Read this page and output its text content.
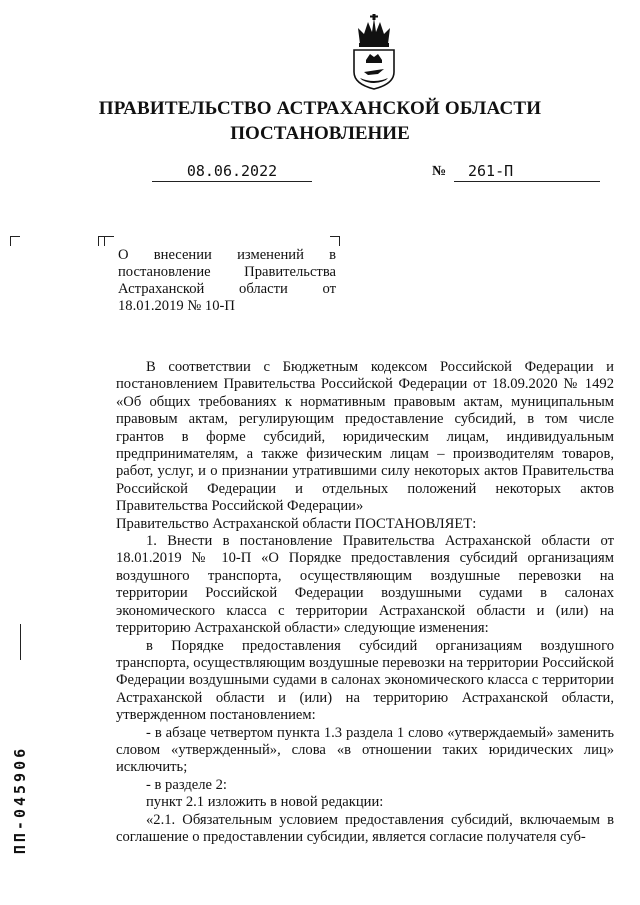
ПРАВИТЕЛЬСТВО АСТРАХАНСКОЙ ОБЛАСТИ
ПОСТАНОВЛЕНИЕ
08.06.2022	№	261-П
О внесении изменений в постановление Правительства Астраханской области от 18.01.2019 № 10-П

В соответствии с Бюджетным кодексом Российской Федерации и постановлением Правительства Российской Федерации от 18.09.2020 № 1492 «Об общих требованиях к нормативным правовым актам, муниципальным правовым актам, регулирующим предоставление субсидий, в том числе грантов в форме субсидий, юридическим лицам, индивидуальным предпринимателям, а также физическим лицам – производителям товаров, работ, услуг, и о признании утратившими силу некоторых актов Правительства Российской Федерации и отдельных положений некоторых актов Правительства Российской Федерации»

Правительство Астраханской области ПОСТАНОВЛЯЕТ:

1. Внести в постановление Правительства Астраханской области от 18.01.2019 № 10-П «О Порядке предоставления субсидий организациям воздушного транспорта, осуществляющим воздушные перевозки на территории Российской Федерации воздушными судами в салонах экономического класса с территории Астраханской области и (или) на территорию Астраханской области» следующие изменения:

в Порядке предоставления субсидий организациям воздушного транспорта, осуществляющим воздушные перевозки на территории Российской Федерации воздушными судами в салонах экономического класса с территории Астраханской области и (или) на территорию Астраханской области, утвержденном постановлением:

- в абзаце четвертом пункта 1.3 раздела 1 слово «утверждаемый» заменить словом «утвержденный», слова «в отношении таких юридических лиц» исключить;

- в разделе 2:

пункт 2.1 изложить в новой редакции:

«2.1. Обязательным условием предоставления субсидий, включаемым в соглашение о предоставлении субсидии, является согласие получателя суб-

ПП-045906
